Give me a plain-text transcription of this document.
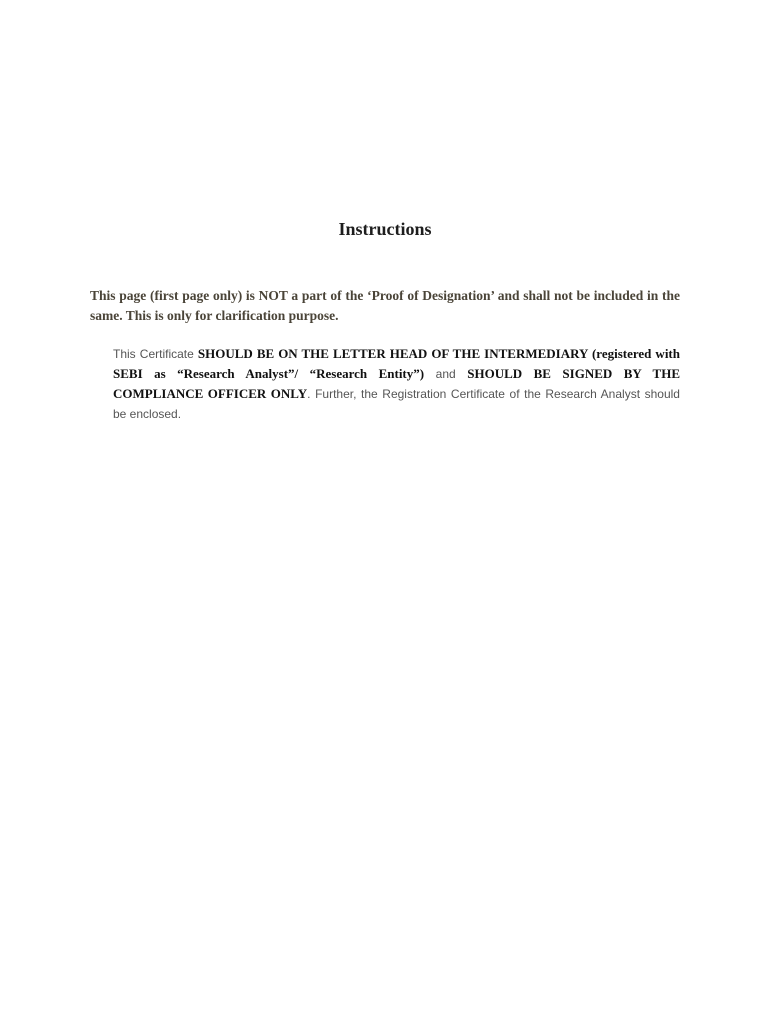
Instructions

This page (first page only) is NOT a part of the ‘Proof of Designation’ and shall not be included in the same. This is only for clarification purpose.

This Certificate SHOULD BE ON THE LETTER HEAD OF THE INTERMEDIARY (registered with SEBI as “Research Analyst”/ “Research Entity”) and SHOULD BE SIGNED BY THE COMPLIANCE OFFICER ONLY. Further, the Registration Certificate of the Research Analyst should be enclosed.
